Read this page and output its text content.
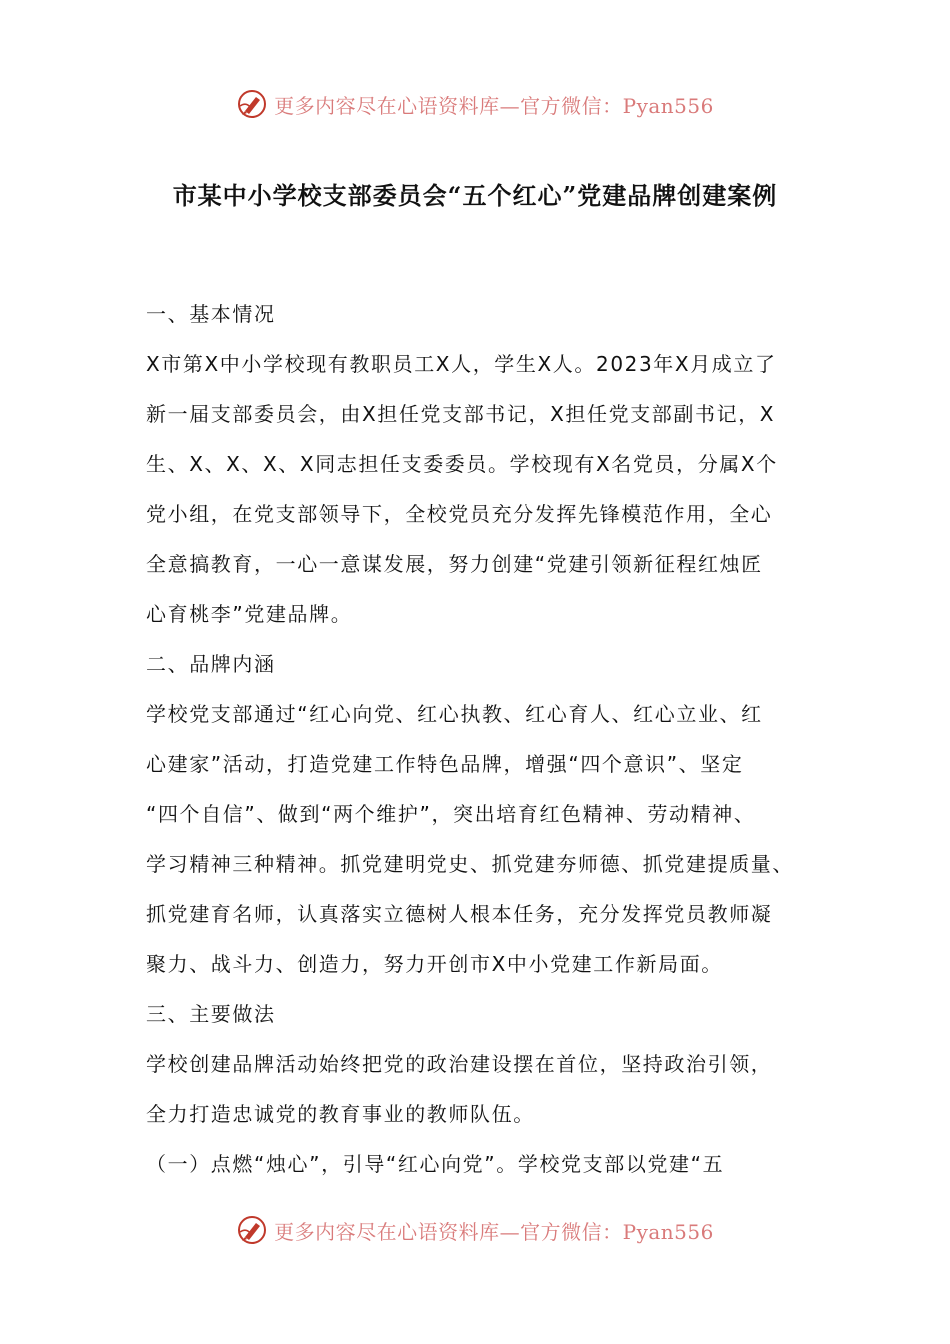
更多内容尽在心语资料库—官方微信：Pyan556
市某中小学校支部委员会“五个红心”党建品牌创建案例
一、基本情况
X市第X中小学校现有教职员工X人，学生X人。2023年X月成立了
新一届支部委员会，由X担任党支部书记，X担任党支部副书记，X
生、X、X、X、X同志担任支委委员。学校现有X名党员，分属X个
党小组，在党支部领导下，全校党员充分发挥先锋模范作用，全心
全意搞教育，一心一意谋发展，努力创建“党建引领新征程红烛匠
心育桃李”党建品牌。
二、品牌内涵
学校党支部通过“红心向党、红心执教、红心育人、红心立业、红
心建家”活动，打造党建工作特色品牌，增强“四个意识”、坚定
“四个自信”、做到“两个维护”，突出培育红色精神、劳动精神、
学习精神三种精神。抓党建明党史、抓党建夯师德、抓党建提质量、
抓党建育名师，认真落实立德树人根本任务，充分发挥党员教师凝
聚力、战斗力、创造力，努力开创市X中小党建工作新局面。
三、主要做法
学校创建品牌活动始终把党的政治建设摆在首位，坚持政治引领，
全力打造忠诚党的教育事业的教师队伍。
（一）点燃“烛心”，引导“红心向党”。学校党支部以党建“五
更多内容尽在心语资料库—官方微信：Pyan556
